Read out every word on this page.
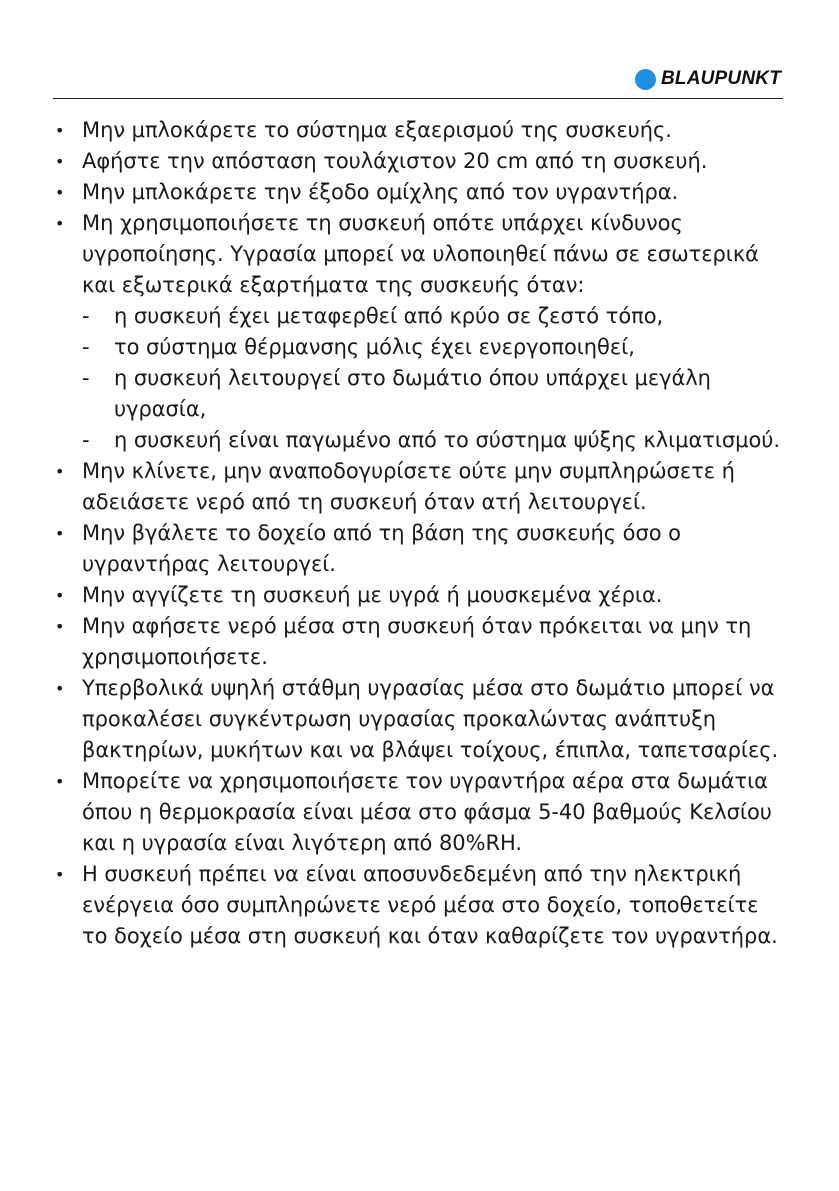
BLAUPUNKT
• Μην μπλοκάρετε το σύστημα εξαερισμού της συσκευής.
• Αφήστε την απόσταση τουλάχιστον 20 cm από τη συσκευή.
• Μην μπλοκάρετε την έξοδο ομίχλης από τον υγραντήρα.
• Μη χρησιμοποιήσετε τη συσκευή οπότε υπάρχει κίνδυνος υγροποίησης. Υγρασία μπορεί να υλοποιηθεί πάνω σε εσωτερικά και εξωτερικά εξαρτήματα της συσκευής όταν:
- η συσκευή έχει μεταφερθεί από κρύο σε ζεστό τόπο,
- το σύστημα θέρμανσης μόλις έχει ενεργοποιηθεί,
- η συσκευή λειτουργεί στο δωμάτιο όπου υπάρχει μεγάλη υγρασία,
- η συσκευή είναι παγωμένο από το σύστημα ψύξης κλιματισμού.
• Μην κλίνετε, μην αναποδογυρίσετε ούτε μην συμπληρώσετε ή αδειάσετε νερό από τη συσκευή όταν ατή λειτουργεί.
• Μην βγάλετε το δοχείο από τη βάση της συσκευής όσο ο υγραντήρας λειτουργεί.
• Μην αγγίζετε τη συσκευή με υγρά ή μουσκεμένα χέρια.
• Μην αφήσετε νερό μέσα στη συσκευή όταν πρόκειται να μην τη χρησιμοποιήσετε.
• Υπερβολικά υψηλή στάθμη υγρασίας μέσα στο δωμάτιο μπορεί να προκαλέσει συγκέντρωση υγρασίας προκαλώντας ανάπτυξη βακτηρίων, μυκήτων και να βλάψει τοίχους, έπιπλα, ταπετσαρίες.
• Μπορείτε να χρησιμοποιήσετε τον υγραντήρα αέρα στα δωμάτια όπου η θερμοκρασία είναι μέσα στο φάσμα 5-40 βαθμούς Κελσίου και η υγρασία είναι λιγότερη από 80%RH.
• Η συσκευή πρέπει να είναι αποσυνδεδεμένη από την ηλεκτρική ενέργεια όσο συμπληρώνετε νερό μέσα στο δοχείο, τοποθετείτε το δοχείο μέσα στη συσκευή και όταν καθαρίζετε τον υγραντήρα.
